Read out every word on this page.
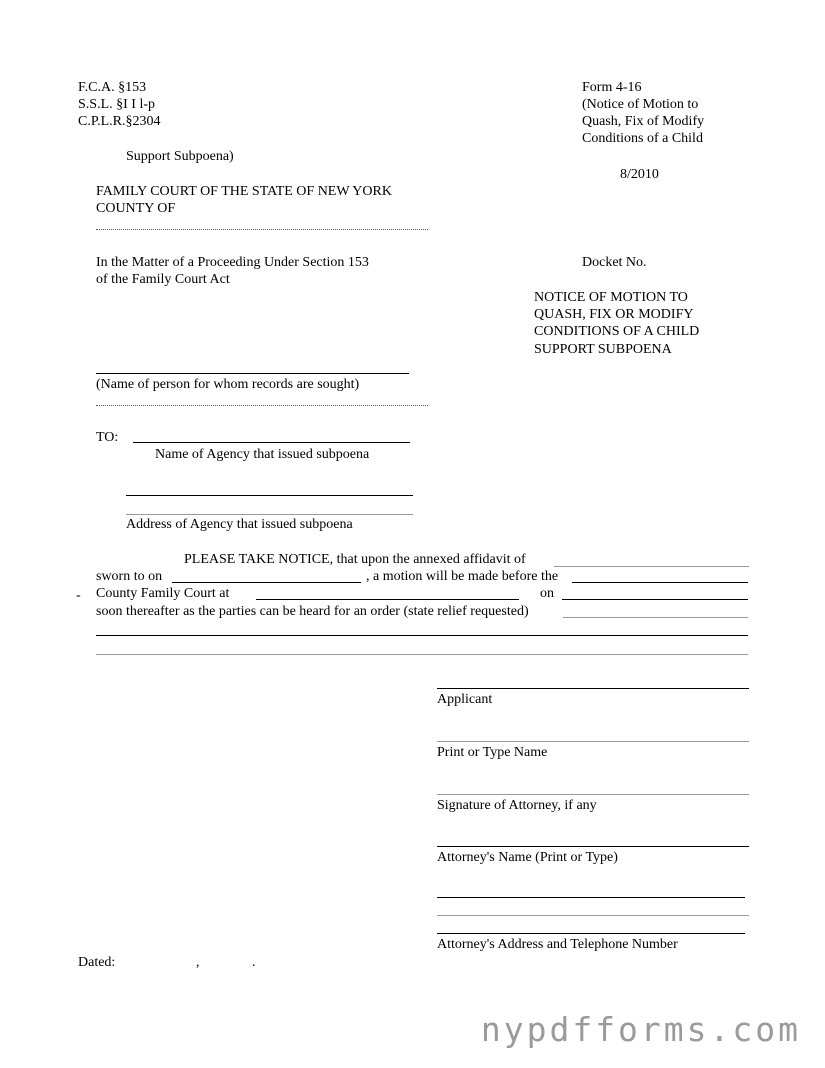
F.C.A. §153
S.S.L. §I I l-p
C.P.L.R.§2304
Support Subpoena)
Form 4-16
(Notice of Motion to
Quash, Fix of Modify
Conditions of a Child
8/2010
FAMILY COURT OF THE STATE OF NEW YORK
COUNTY OF
In the Matter of a Proceeding Under Section 153
of the Family Court Act
Docket No.
NOTICE OF MOTION TO
QUASH, FIX OR MODIFY
CONDITIONS OF A CHILD
SUPPORT SUBPOENA
(Name of person for whom records are sought)
TO:
Name of Agency that issued subpoena
Address of Agency that issued subpoena
PLEASE TAKE NOTICE, that upon the annexed affidavit of
sworn to on	, a motion will be made before the
- County Family Court at	on
soon thereafter as the parties can be heard for an order (state relief requested)
Applicant
Print or Type Name
Signature of Attorney, if any
Attorney's Name (Print or Type)
Attorney's Address and Telephone Number
Dated:	,	.
nypdfforms.com
